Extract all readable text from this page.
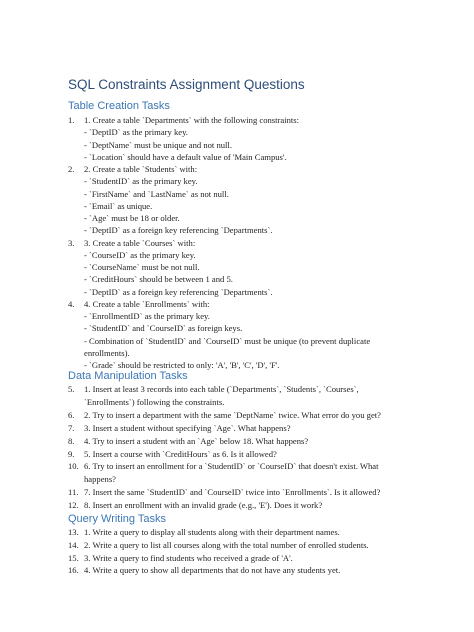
SQL Constraints Assignment Questions
Table Creation Tasks
1. 1. Create a table `Departments` with the following constraints:
- `DeptID` as the primary key.
- `DeptName` must be unique and not null.
- `Location` should have a default value of 'Main Campus'.
2. 2. Create a table `Students` with:
- `StudentID` as the primary key.
- `FirstName` and `LastName` as not null.
- `Email` as unique.
- `Age` must be 18 or older.
- `DeptID` as a foreign key referencing `Departments`.
3. 3. Create a table `Courses` with:
- `CourseID` as the primary key.
- `CourseName` must be not null.
- `CreditHours` should be between 1 and 5.
- `DeptID` as a foreign key referencing `Departments`.
4. 4. Create a table `Enrollments` with:
- `EnrollmentID` as the primary key.
- `StudentID` and `CourseID` as foreign keys.
- Combination of `StudentID` and `CourseID` must be unique (to prevent duplicate
enrollments).
- `Grade` should be restricted to only: 'A', 'B', 'C', 'D', 'F'.
Data Manipulation Tasks
5. 1. Insert at least 3 records into each table (`Departments`, `Students`, `Courses`,
`Enrollments`) following the constraints.
6. 2. Try to insert a department with the same `DeptName` twice. What error do you get?
7. 3. Insert a student without specifying `Age`. What happens?
8. 4. Try to insert a student with an `Age` below 18. What happens?
9. 5. Insert a course with `CreditHours` as 6. Is it allowed?
10. 6. Try to insert an enrollment for a `StudentID` or `CourseID` that doesn't exist. What
happens?
11. 7. Insert the same `StudentID` and `CourseID` twice into `Enrollments`. Is it allowed?
12. 8. Insert an enrollment with an invalid grade (e.g., 'E'). Does it work?
Query Writing Tasks
13. 1. Write a query to display all students along with their department names.
14. 2. Write a query to list all courses along with the total number of enrolled students.
15. 3. Write a query to find students who received a grade of 'A'.
16. 4. Write a query to show all departments that do not have any students yet.
